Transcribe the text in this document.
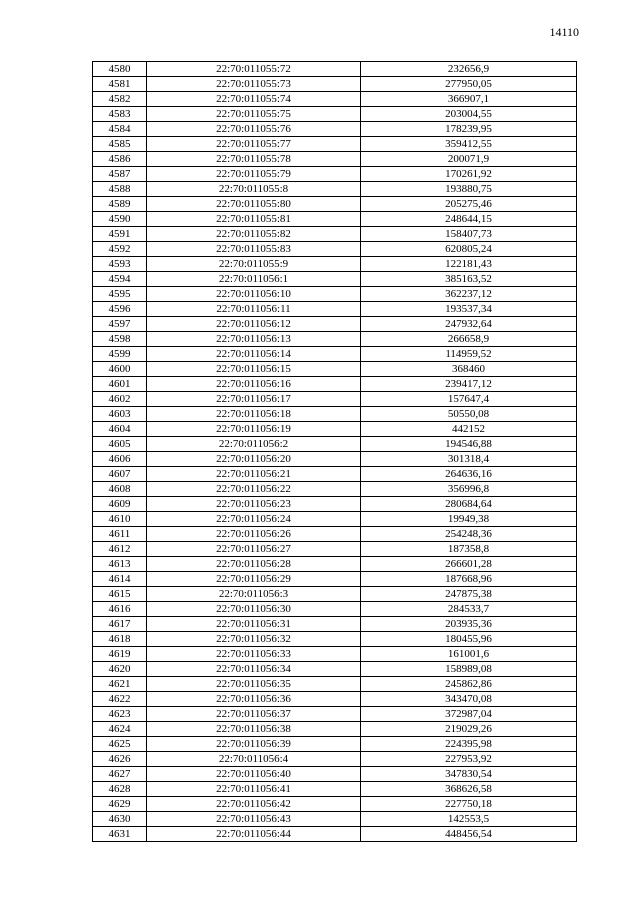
14110
4580	22:70:011055:72	232656,9
4581	22:70:011055:73	277950,05
4582	22:70:011055:74	366907,1
4583	22:70:011055:75	203004,55
4584	22:70:011055:76	178239,95
4585	22:70:011055:77	359412,55
4586	22:70:011055:78	200071,9
4587	22:70:011055:79	170261,92
4588	22:70:011055:8	193880,75
4589	22:70:011055:80	205275,46
4590	22:70:011055:81	248644,15
4591	22:70:011055:82	158407,73
4592	22:70:011055:83	620805,24
4593	22:70:011055:9	122181,43
4594	22:70:011056:1	385163,52
4595	22:70:011056:10	362237,12
4596	22:70:011056:11	193537,34
4597	22:70:011056:12	247932,64
4598	22:70:011056:13	266658,9
4599	22:70:011056:14	114959,52
4600	22:70:011056:15	368460
4601	22:70:011056:16	239417,12
4602	22:70:011056:17	157647,4
4603	22:70:011056:18	50550,08
4604	22:70:011056:19	442152
4605	22:70:011056:2	194546,88
4606	22:70:011056:20	301318,4
4607	22:70:011056:21	264636,16
4608	22:70:011056:22	356996,8
4609	22:70:011056:23	280684,64
4610	22:70:011056:24	19949,38
4611	22:70:011056:26	254248,36
4612	22:70:011056:27	187358,8
4613	22:70:011056:28	266601,28
4614	22:70:011056:29	187668,96
4615	22:70:011056:3	247875,38
4616	22:70:011056:30	284533,7
4617	22:70:011056:31	203935,36
4618	22:70:011056:32	180455,96
4619	22:70:011056:33	161001,6
4620	22:70:011056:34	158989,08
4621	22:70:011056:35	245862,86
4622	22:70:011056:36	343470,08
4623	22:70:011056:37	372987,04
4624	22:70:011056:38	219029,26
4625	22:70:011056:39	224395,98
4626	22:70:011056:4	227953,92
4627	22:70:011056:40	347830,54
4628	22:70:011056:41	368626,58
4629	22:70:011056:42	227750,18
4630	22:70:011056:43	142553,5
4631	22:70:011056:44	448456,54
